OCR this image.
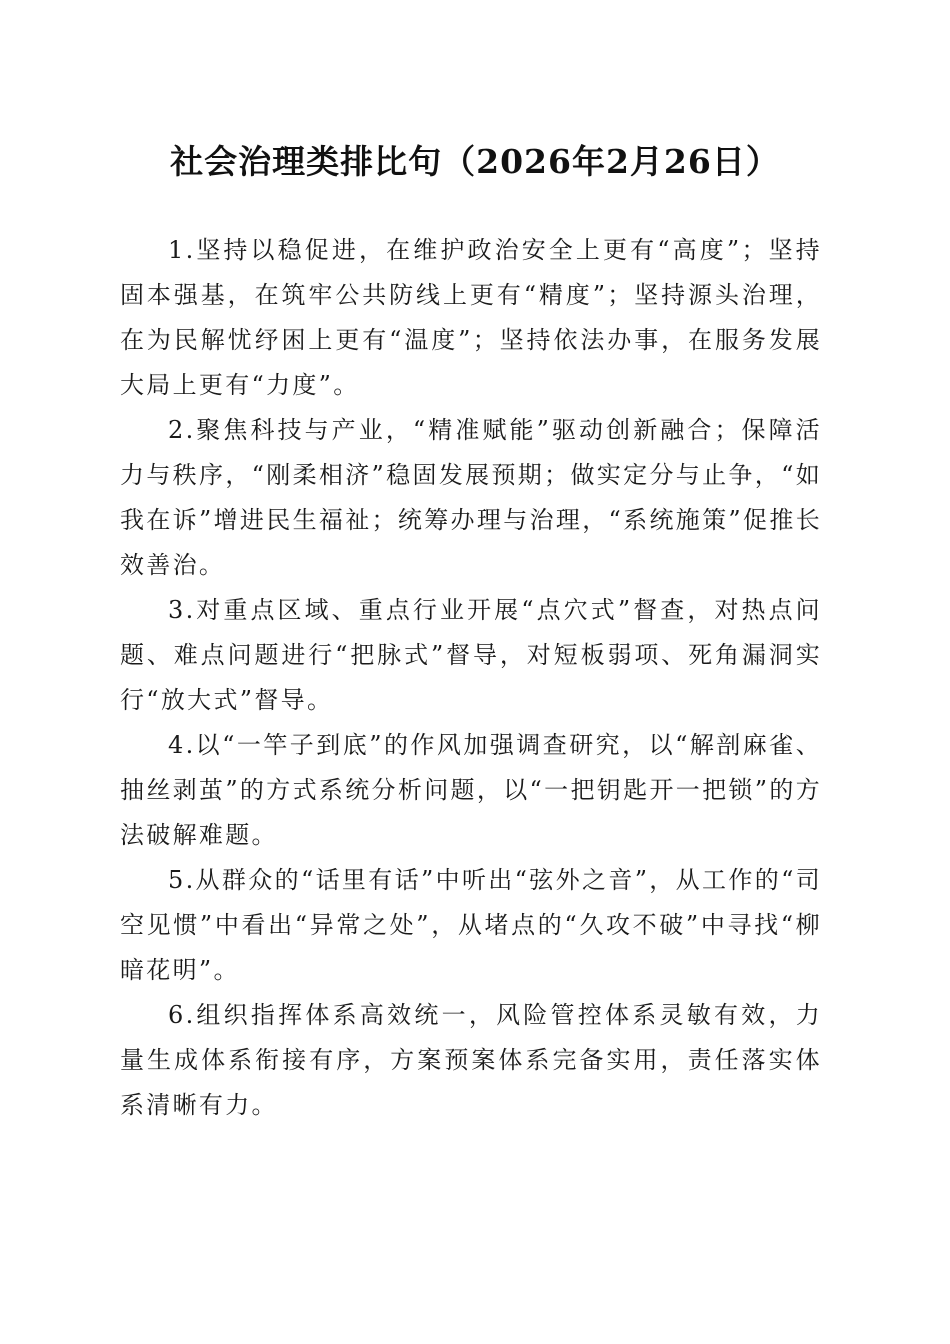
社会治理类排比句（2026年2月26日）

1.坚持以稳促进，在维护政治安全上更有“高度”；坚持固本强基，在筑牢公共防线上更有“精度”；坚持源头治理，在为民解忧纾困上更有“温度”；坚持依法办事，在服务发展大局上更有“力度”。

2.聚焦科技与产业，“精准赋能”驱动创新融合；保障活力与秩序，“刚柔相济”稳固发展预期；做实定分与止争，“如我在诉”增进民生福祉；统筹办理与治理，“系统施策”促推长效善治。

3.对重点区域、重点行业开展“点穴式”督查，对热点问题、难点问题进行“把脉式”督导，对短板弱项、死角漏洞实行“放大式”督导。

4.以“一竿子到底”的作风加强调查研究，以“解剖麻雀、抽丝剥茧”的方式系统分析问题，以“一把钥匙开一把锁”的方法破解难题。

5.从群众的“话里有话”中听出“弦外之音”，从工作的“司空见惯”中看出“异常之处”，从堵点的“久攻不破”中寻找“柳暗花明”。

6.组织指挥体系高效统一，风险管控体系灵敏有效，力量生成体系衔接有序，方案预案体系完备实用，责任落实体系清晰有力。
